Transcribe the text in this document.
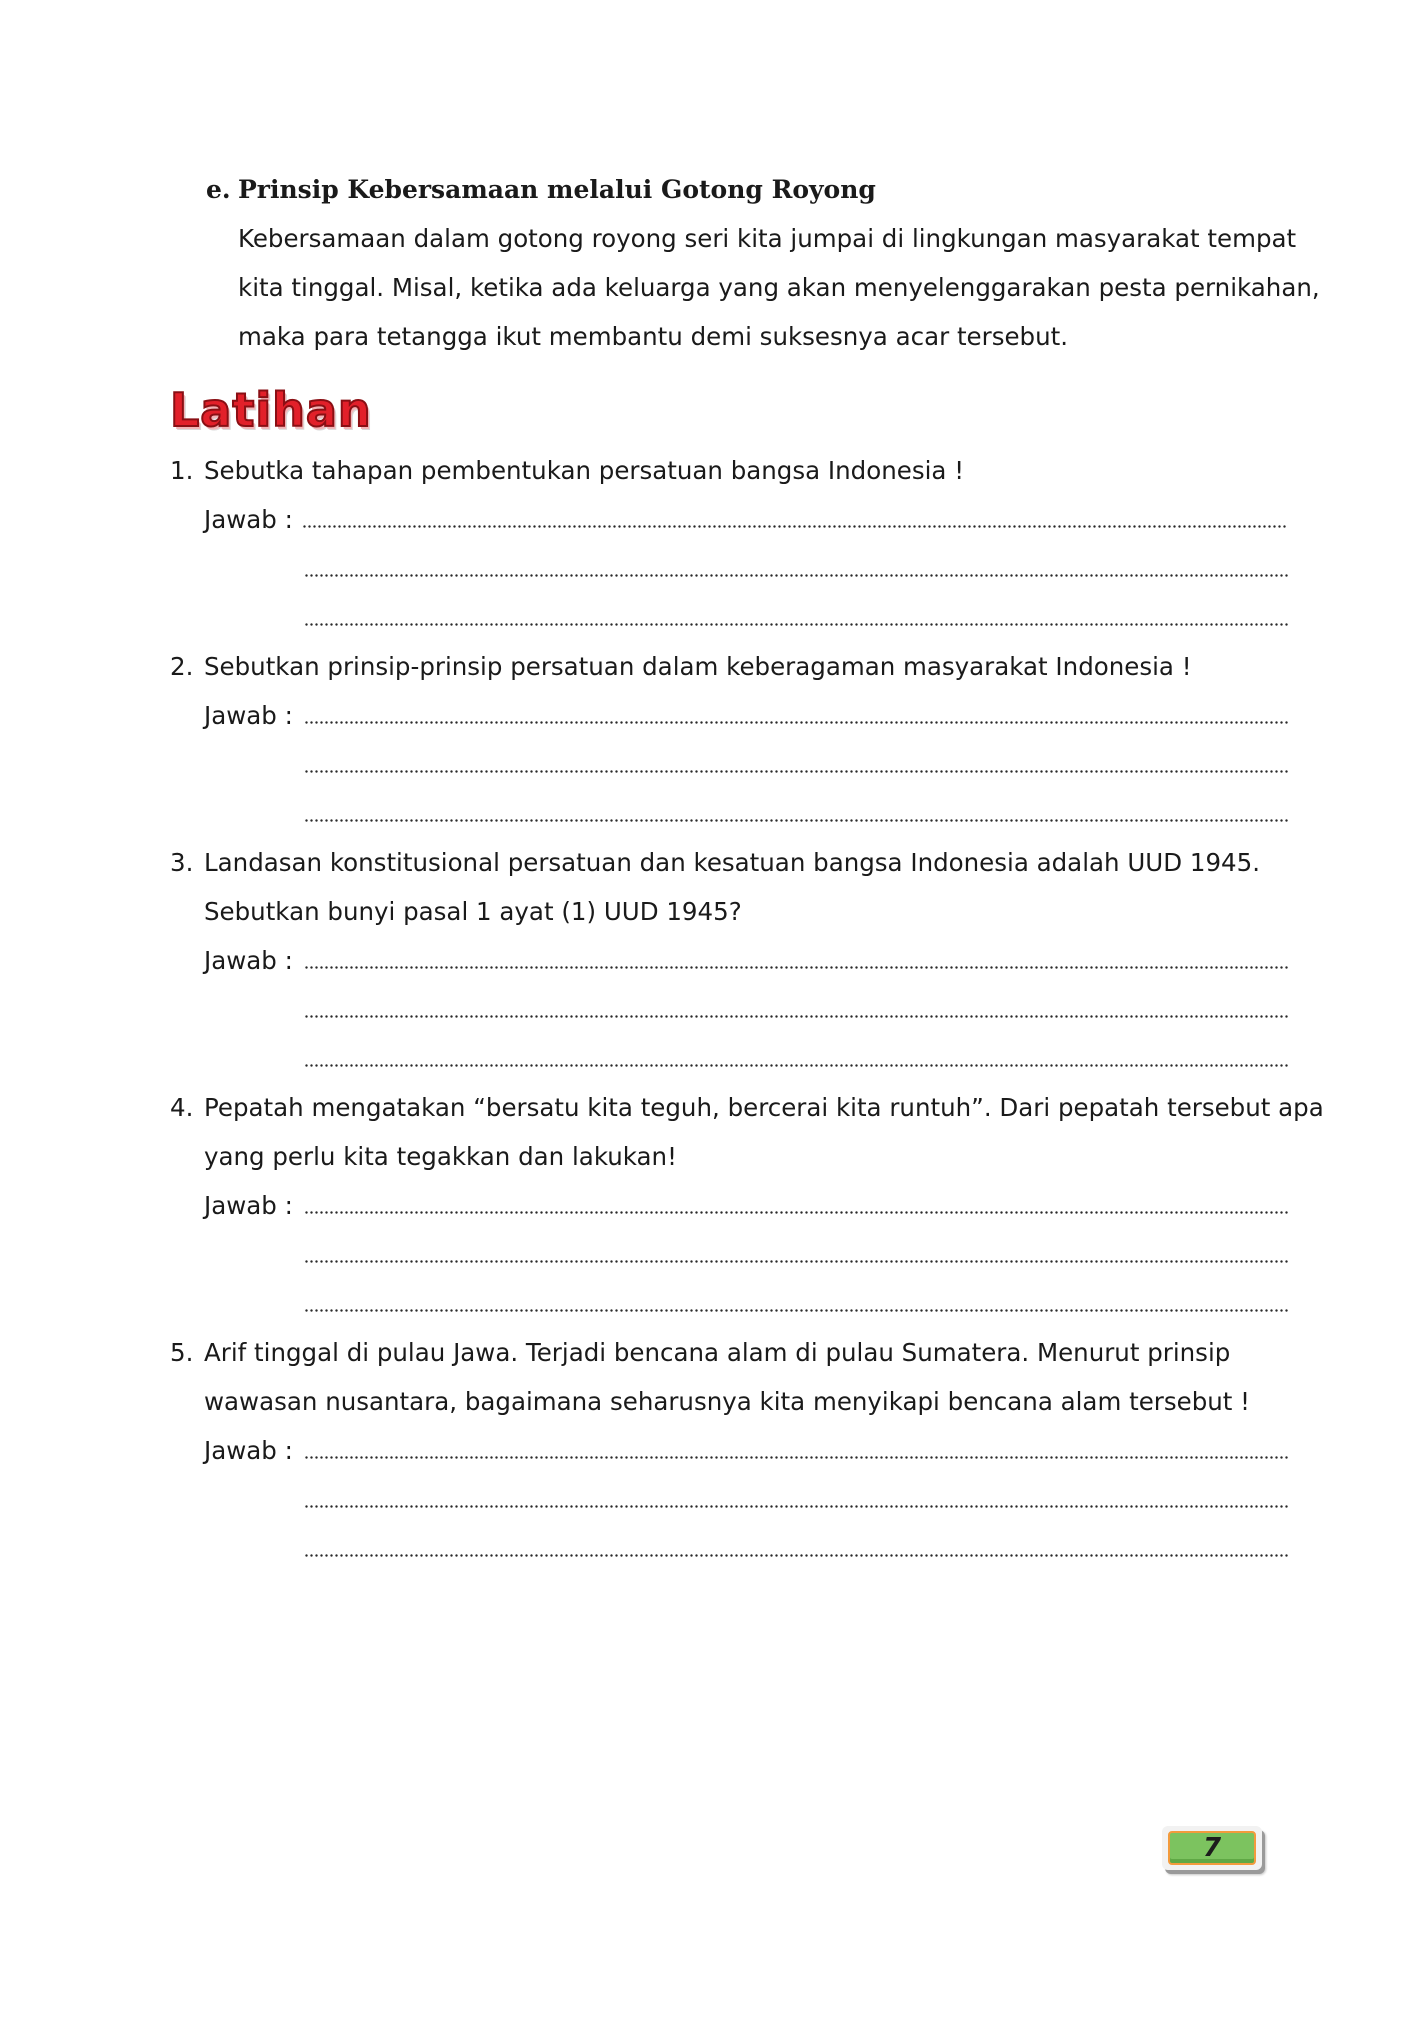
e. Prinsip Kebersamaan melalui Gotong Royong
Kebersamaan dalam gotong royong seri kita jumpai di lingkungan masyarakat tempat
kita tinggal. Misal, ketika ada keluarga yang akan menyelenggarakan pesta pernikahan,
maka para tetangga ikut membantu demi suksesnya acar tersebut.
Latihan
1. Sebutka tahapan pembentukan persatuan bangsa Indonesia !
Jawab :
2. Sebutkan prinsip-prinsip persatuan dalam keberagaman masyarakat Indonesia !
Jawab :
3. Landasan konstitusional persatuan dan kesatuan bangsa Indonesia adalah UUD 1945.
Sebutkan bunyi pasal 1 ayat (1) UUD 1945?
Jawab :
4. Pepatah mengatakan “bersatu kita teguh, bercerai kita runtuh”. Dari pepatah tersebut apa
yang perlu kita tegakkan dan lakukan!
Jawab :
5. Arif tinggal di pulau Jawa. Terjadi bencana alam di pulau Sumatera. Menurut prinsip
wawasan nusantara, bagaimana seharusnya kita menyikapi bencana alam tersebut !
Jawab :
7
